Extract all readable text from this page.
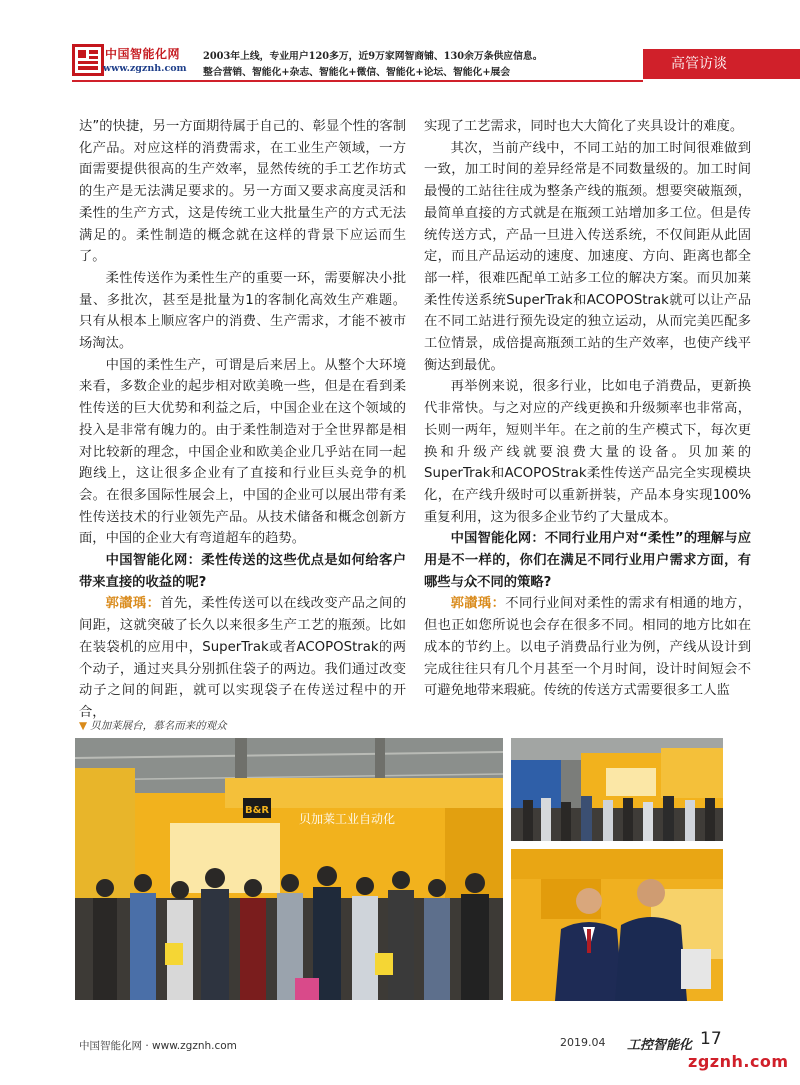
中国智能化网
www.zgznh.com
2003年上线，专业用户120多万，近9万家网智商铺、130余万条供应信息。
整合营销、智能化+杂志、智能化+微信、智能化+论坛、智能化+展会
高管访谈

达”的快捷，另一方面期待属于自己的、彰显个性的客制化产品。对应这样的消费需求，在工业生产领域，一方面需要提供很高的生产效率，显然传统的手工艺作坊式的生产是无法满足要求的。另一方面又要求高度灵活和柔性的生产方式，这是传统工业大批量生产的方式无法满足的。柔性制造的概念就在这样的背景下应运而生了。

柔性传送作为柔性生产的重要一环，需要解决小批量、多批次，甚至是批量为1的客制化高效生产难题。只有从根本上顺应客户的消费、生产需求，才能不被市场淘汰。

中国的柔性生产，可谓是后来居上。从整个大环境来看，多数企业的起步相对欧美晚一些，但是在看到柔性传送的巨大优势和利益之后，中国企业在这个领域的投入是非常有魄力的。由于柔性制造对于全世界都是相对比较新的理念，中国企业和欧美企业几乎站在同一起跑线上，这让很多企业有了直接和行业巨头竞争的机会。在很多国际性展会上，中国的企业可以展出带有柔性传送技术的行业领先产品。从技术储备和概念创新方面，中国的企业大有弯道超车的趋势。

中国智能化网：柔性传送的这些优点是如何给客户带来直接的收益的呢?

郭讃瑀：首先，柔性传送可以在线改变产品之间的间距，这就突破了长久以来很多生产工艺的瓶颈。比如在装袋机的应用中，SuperTrak或者ACOPOStrak的两个动子，通过夹具分别抓住袋子的两边。我们通过改变动子之间的间距，就可以实现袋子在传送过程中的开合，

实现了工艺需求，同时也大大简化了夹具设计的难度。

其次，当前产线中，不同工站的加工时间很难做到一致，加工时间的差异经常是不同数量级的。加工时间最慢的工站往往成为整条产线的瓶颈。想要突破瓶颈，最简单直接的方式就是在瓶颈工站增加多工位。但是传统传送方式，产品一旦进入传送系统，不仅间距从此固定，而且产品运动的速度、加速度、方向、距离也都全部一样，很难匹配单工站多工位的解决方案。而贝加莱柔性传送系统SuperTrak和ACOPOStrak就可以让产品在不同工站进行预先设定的独立运动，从而完美匹配多工位情景，成倍提高瓶颈工站的生产效率，也使产线平衡达到最优。

再举例来说，很多行业，比如电子消费品，更新换代非常快。与之对应的产线更换和升级频率也非常高，长则一两年，短则半年。在之前的生产模式下，每次更换和升级产线就要浪费大量的设备。贝加莱的SuperTrak和ACOPOStrak柔性传送产品完全实现模块化，在产线升级时可以重新拼装，产品本身实现100%重复利用，这为很多企业节约了大量成本。

中国智能化网：不同行业用户对“柔性”的理解与应用是不一样的，你们在满足不同行业用户需求方面，有哪些与众不同的策略?

郭讃瑀：不同行业间对柔性的需求有相通的地方，但也正如您所说也会存在很多不同。相同的地方比如在成本的节约上。以电子消费品行业为例，产线从设计到完成往往只有几个月甚至一个月时间，设计时间短会不可避免地带来瑕疵。传统的传送方式需要很多工人监

▼ 贝加莱展台，慕名而来的观众
B&R
贝加莱工业自动化
中国智能化网 · www.zgznh.com	2019.04 工控智能化 17
zgznh.com
